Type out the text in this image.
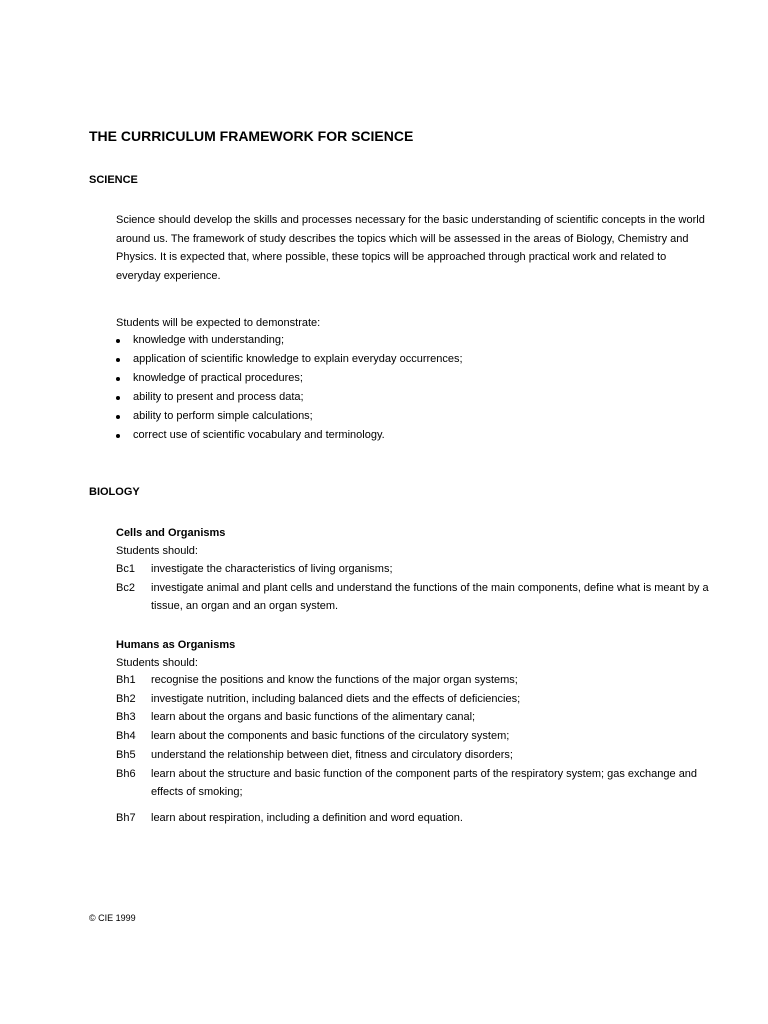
THE CURRICULUM FRAMEWORK FOR SCIENCE
SCIENCE

Science should develop the skills and processes necessary for the basic understanding of scientific concepts in the world around us. The framework of study describes the topics which will be assessed in the areas of Biology, Chemistry and Physics. It is expected that, where possible, these topics will be approached through practical work and related to everyday experience.

Students will be expected to demonstrate:
knowledge with understanding;
application of scientific knowledge to explain everyday occurrences;
knowledge of practical procedures;
ability to present and process data;
ability to perform simple calculations;
correct use of scientific vocabulary and terminology.
BIOLOGY
Cells and Organisms
Students should:

Bc1 investigate the characteristics of living organisms;

Bc2 investigate animal and plant cells and understand the functions of the main components, define what is meant by a tissue, an organ and an organ system.

Humans as Organisms
Students should:

Bh1 recognise the positions and know the functions of the major organ systems;

Bh2 investigate nutrition, including balanced diets and the effects of deficiencies;

Bh3 learn about the organs and basic functions of the alimentary canal;

Bh4 learn about the components and basic functions of the circulatory system;

Bh5 understand the relationship between diet, fitness and circulatory disorders;

Bh6 learn about the structure and basic function of the component parts of the respiratory system; gas exchange and effects of smoking;

Bh7 learn about respiration, including a definition and word equation.

© CIE 1999
